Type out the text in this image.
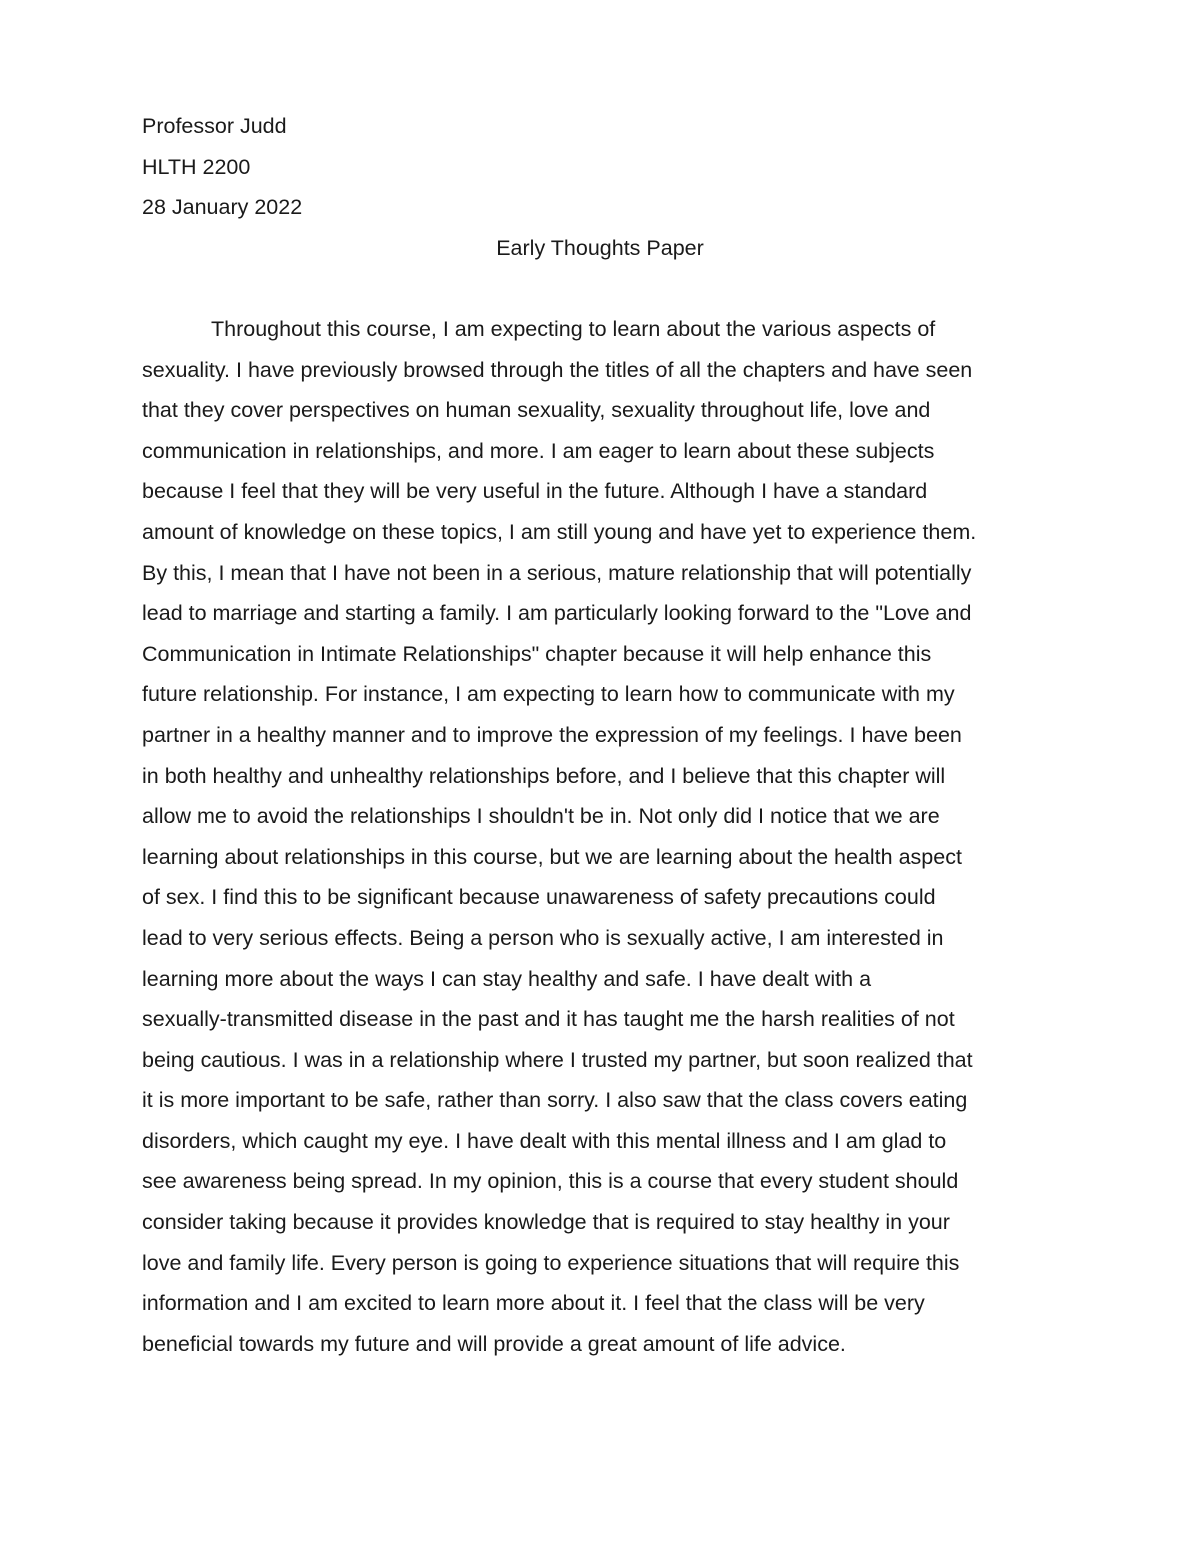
Professor Judd
HLTH 2200
28 January 2022
Early Thoughts Paper
Throughout this course, I am expecting to learn about the various aspects of
sexuality. I have previously browsed through the titles of all the chapters and have seen
that they cover perspectives on human sexuality, sexuality throughout life, love and
communication in relationships, and more. I am eager to learn about these subjects
because I feel that they will be very useful in the future. Although I have a standard
amount of knowledge on these topics, I am still young and have yet to experience them.
By this, I mean that I have not been in a serious, mature relationship that will potentially
lead to marriage and starting a family. I am particularly looking forward to the "Love and
Communication in Intimate Relationships" chapter because it will help enhance this
future relationship. For instance, I am expecting to learn how to communicate with my
partner in a healthy manner and to improve the expression of my feelings. I have been
in both healthy and unhealthy relationships before, and I believe that this chapter will
allow me to avoid the relationships I shouldn't be in. Not only did I notice that we are
learning about relationships in this course, but we are learning about the health aspect
of sex. I find this to be significant because unawareness of safety precautions could
lead to very serious effects. Being a person who is sexually active, I am interested in
learning more about the ways I can stay healthy and safe. I have dealt with a
sexually-transmitted disease in the past and it has taught me the harsh realities of not
being cautious. I was in a relationship where I trusted my partner, but soon realized that
it is more important to be safe, rather than sorry. I also saw that the class covers eating
disorders, which caught my eye. I have dealt with this mental illness and I am glad to
see awareness being spread. In my opinion, this is a course that every student should
consider taking because it provides knowledge that is required to stay healthy in your
love and family life. Every person is going to experience situations that will require this
information and I am excited to learn more about it. I feel that the class will be very
beneficial towards my future and will provide a great amount of life advice.
